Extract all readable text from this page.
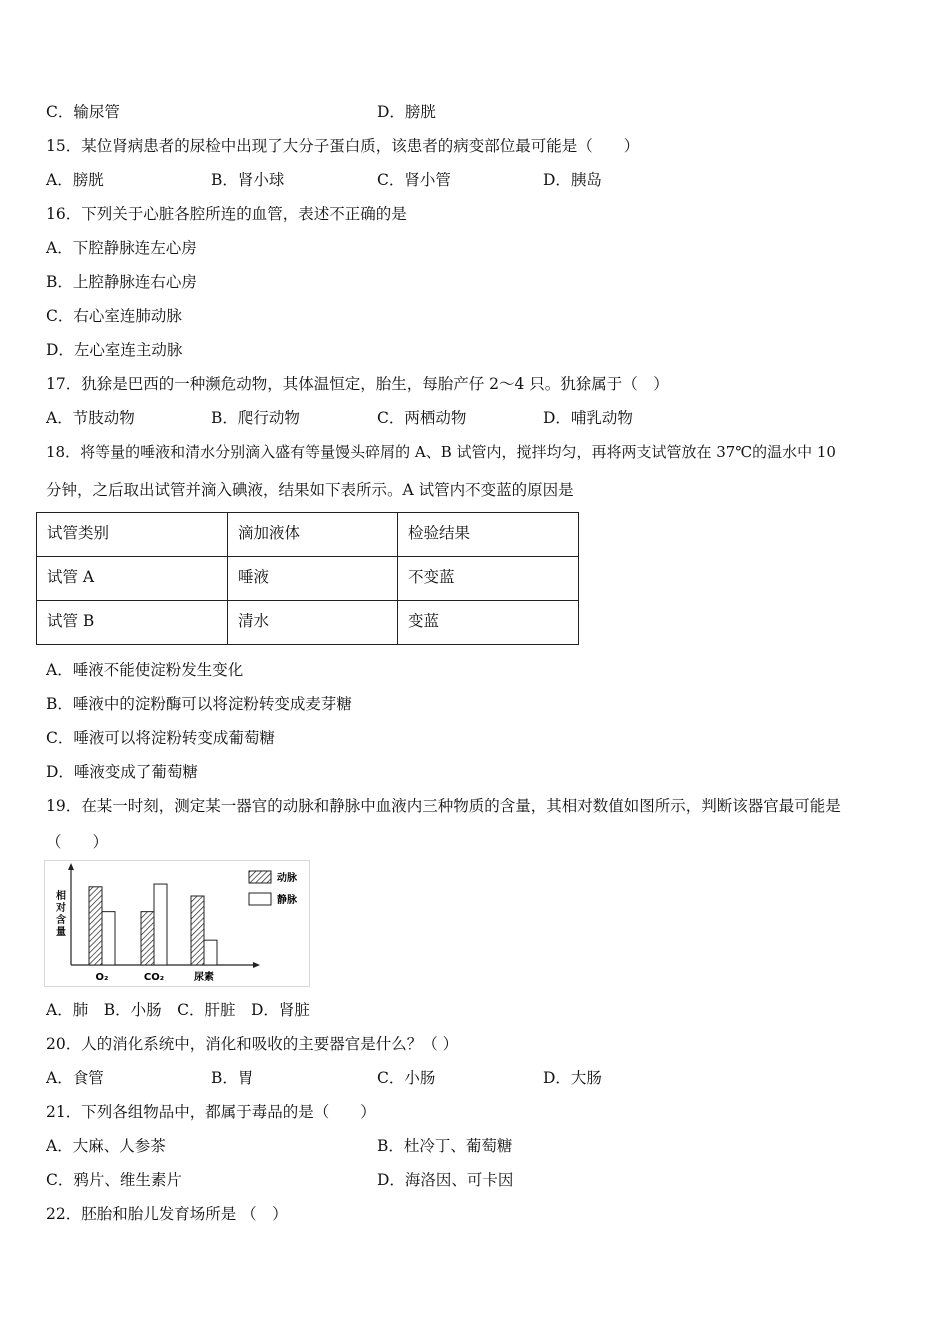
C．输尿管	D．膀胱
15．某位肾病患者的尿检中出现了大分子蛋白质，该患者的病变部位最可能是（　　）
A．膀胱	B．肾小球	C．肾小管	D．胰岛
16．下列关于心脏各腔所连的血管，表述不正确的是
A．下腔静脉连左心房
B．上腔静脉连右心房
C．右心室连肺动脉
D．左心室连主动脉
17．犰狳是巴西的一种濒危动物，其体温恒定，胎生，每胎产仔 2～4 只。犰狳属于（　）
A．节肢动物	B．爬行动物	C．两栖动物	D．哺乳动物
18．将等量的唾液和清水分别滴入盛有等量馒头碎屑的 A、B 试管内，搅拌均匀，再将两支试管放在 37℃的温水中 10
分钟，之后取出试管并滴入碘液，结果如下表所示。A 试管内不变蓝的原因是
试管类别	滴加液体	检验结果
试管 A	唾液	不变蓝
试管 B	清水	变蓝
A．唾液不能使淀粉发生变化
B．唾液中的淀粉酶可以将淀粉转变成麦芽糖
C．唾液可以将淀粉转变成葡萄糖
D．唾液变成了葡萄糖
19．在某一时刻，测定某一器官的动脉和静脉中血液内三种物质的含量，其相对数值如图所示，判断该器官最可能是
（　　）
相对含量
O₂	CO₂	尿素
动脉
静脉
A．肺　B．小肠　C．肝脏　D．肾脏
20．人的消化系统中，消化和吸收的主要器官是什么？（ ）
A．食管	B．胃	C．小肠	D．大肠
21．下列各组物品中，都属于毒品的是（　　）
A．大麻、人参茶	B．杜冷丁、葡萄糖
C．鸦片、维生素片	D．海洛因、可卡因
22．胚胎和胎儿发育场所是 （　）
